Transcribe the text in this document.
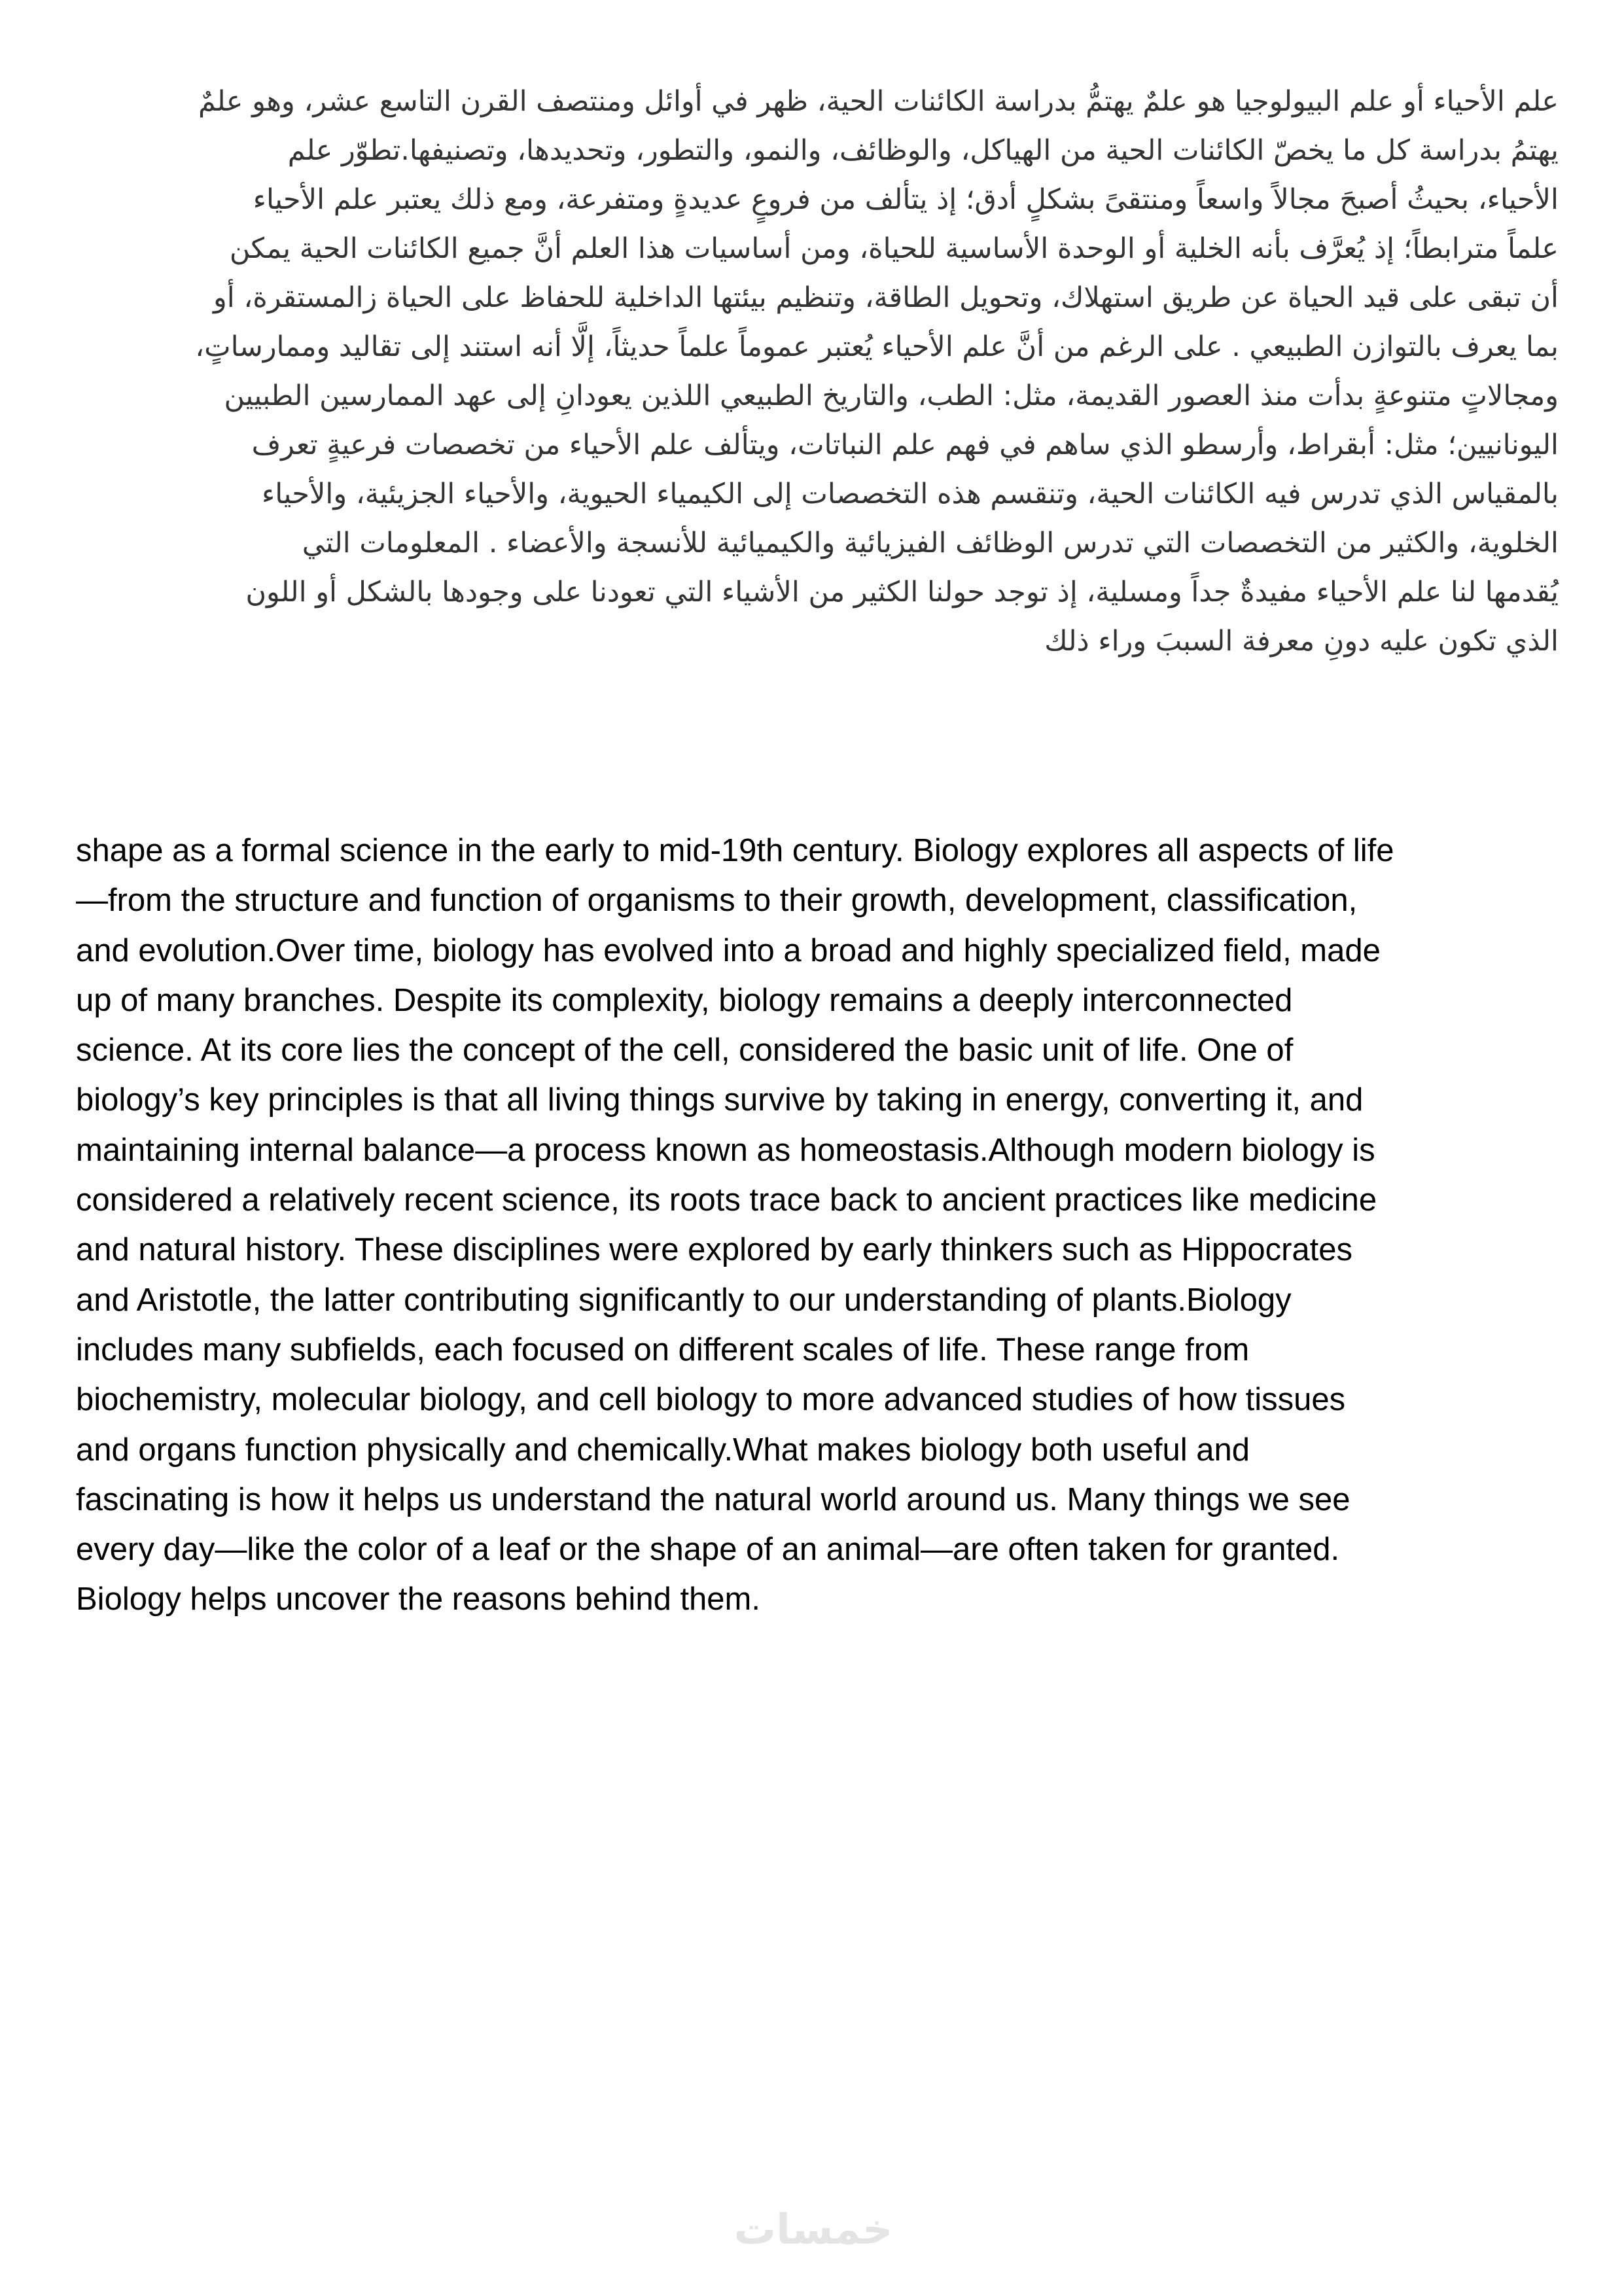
علم الأحياء أو علم البيولوجيا هو علمٌ يهتمُّ بدراسة الكائنات الحية، ظهر في أوائل ومنتصف القرن التاسع عشر، وهو علمٌ
يهتمُ بدراسة كل ما يخصّ الكائنات الحية من الهياكل، والوظائف، والنمو، والتطور، وتحديدها، وتصنيفها.تطوّر علم
الأحياء، بحيثُ أصبحَ مجالاً واسعاً ومنتقىً بشكلٍ أدق؛ إذ يتألف من فروعٍ عديدةٍ ومتفرعة، ومع ذلك يعتبر علم الأحياء
علماً مترابطاً؛ إذ يُعرَّف بأنه الخلية أو الوحدة الأساسية للحياة، ومن أساسيات هذا العلم أنَّ جميع الكائنات الحية يمكن
أن تبقى على قيد الحياة عن طريق استهلاك، وتحويل الطاقة، وتنظيم بيئتها الداخلية للحفاظ على الحياة زالمستقرة، أو
بما يعرف بالتوازن الطبيعي . على الرغم من أنَّ علم الأحياء يُعتبر عموماً علماً حديثاً، إلَّا أنه استند إلى تقاليد وممارساتٍ،
ومجالاتٍ متنوعةٍ بدأت منذ العصور القديمة، مثل: الطب، والتاريخ الطبيعي اللذين يعودانِ إلى عهد الممارسين الطبيين
اليونانيين؛ مثل: أبقراط، وأرسطو الذي ساهم في فهم علم النباتات، ويتألف علم الأحياء من تخصصات فرعيةٍ تعرف
بالمقياس الذي تدرس فيه الكائنات الحية، وتنقسم هذه التخصصات إلى الكيمياء الحيوية، والأحياء الجزيئية، والأحياء
الخلوية، والكثير من التخصصات التي تدرس الوظائف الفيزيائية والكيميائية للأنسجة والأعضاء . المعلومات التي
يُقدمها لنا علم الأحياء مفيدةٌ جداً ومسلية، إذ توجد حولنا الكثير من الأشياء التي تعودنا على وجودها بالشكل أو اللون
الذي تكون عليه دونِ معرفة السببَ وراء ذلك
shape as a formal science in the early to mid-19th century. Biology explores all aspects of life
—from the structure and function of organisms to their growth, development, classification,
and evolution.Over time, biology has evolved into a broad and highly specialized field, made
up of many branches. Despite its complexity, biology remains a deeply interconnected
science. At its core lies the concept of the cell, considered the basic unit of life. One of
biology’s key principles is that all living things survive by taking in energy, converting it, and
maintaining internal balance—a process known as homeostasis.Although modern biology is
considered a relatively recent science, its roots trace back to ancient practices like medicine
and natural history. These disciplines were explored by early thinkers such as Hippocrates
and Aristotle, the latter contributing significantly to our understanding of plants.Biology
includes many subfields, each focused on different scales of life. These range from
biochemistry, molecular biology, and cell biology to more advanced studies of how tissues
and organs function physically and chemically.What makes biology both useful and
fascinating is how it helps us understand the natural world around us. Many things we see
every day—like the color of a leaf or the shape of an animal—are often taken for granted.
Biology helps uncover the reasons behind them.
خمسات
